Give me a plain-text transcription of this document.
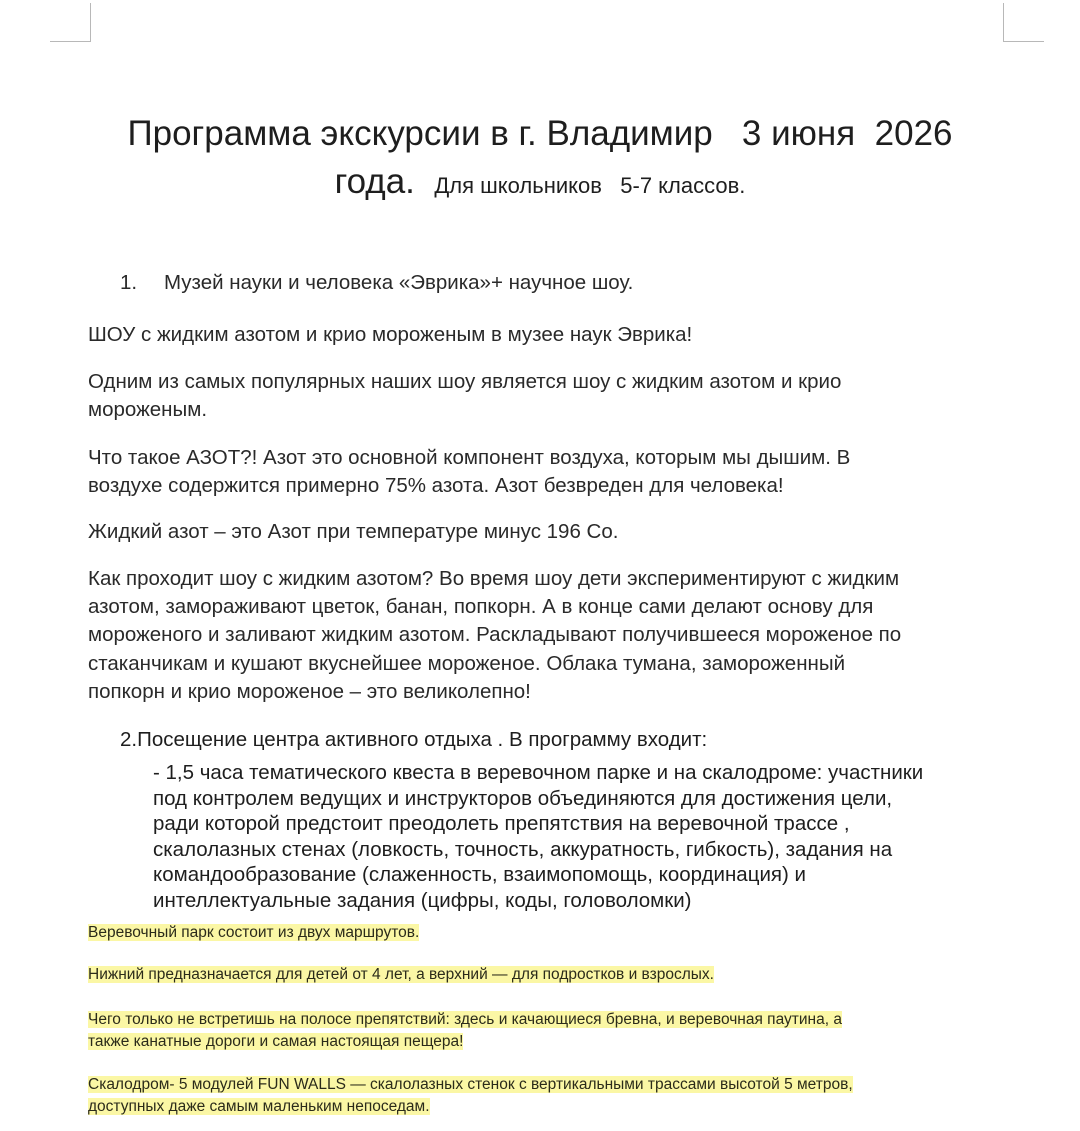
Программа экскурсии в г. Владимир   3 июня  2026
года. Для школьников   5-7 классов.
1. Музей науки и человека «Эврика»+ научное шоу.
ШОУ с жидким азотом и крио мороженым в музее наук Эврика!
Одним из самых популярных наших шоу является шоу с жидким азотом и крио
мороженым.
Что такое АЗОТ?! Азот это основной компонент воздуха, которым мы дышим. В
воздухе содержится примерно 75% азота. Азот безвреден для человека!
Жидкий азот – это Азот при температуре минус 196 Со.
Как проходит шоу с жидким азотом? Во время шоу дети экспериментируют с жидким
азотом, замораживают цветок, банан, попкорн. А в конце сами делают основу для
мороженого и заливают жидким азотом. Раскладывают получившееся мороженое по
стаканчикам и кушают вкуснейшее мороженое. Облака тумана, замороженный
попкорн и крио мороженое – это великолепно!
2.Посещение центра активного отдыха . В программу входит:
- 1,5 часа тематического квеста в веревочном парке и на скалодроме: участники
под контролем ведущих и инструкторов объединяются для достижения цели,
ради которой предстоит преодолеть препятствия на веревочной трассе ,
скалолазных стенах (ловкость, точность, аккуратность, гибкость), задания на
командообразование (слаженность, взаимопомощь, координация) и
интеллектуальные задания (цифры, коды, головоломки)
Веревочный парк состоит из двух маршрутов.
Нижний предназначается для детей от 4 лет, а верхний — для подростков и взрослых.
Чего только не встретишь на полосе препятствий: здесь и качающиеся бревна, и веревочная паутина, а
также канатные дороги и самая настоящая пещера!
Скалодром- 5 модулей FUN WALLS — скалолазных стенок с вертикальными трассами высотой 5 метров,
доступных даже самым маленьким непоседам.
